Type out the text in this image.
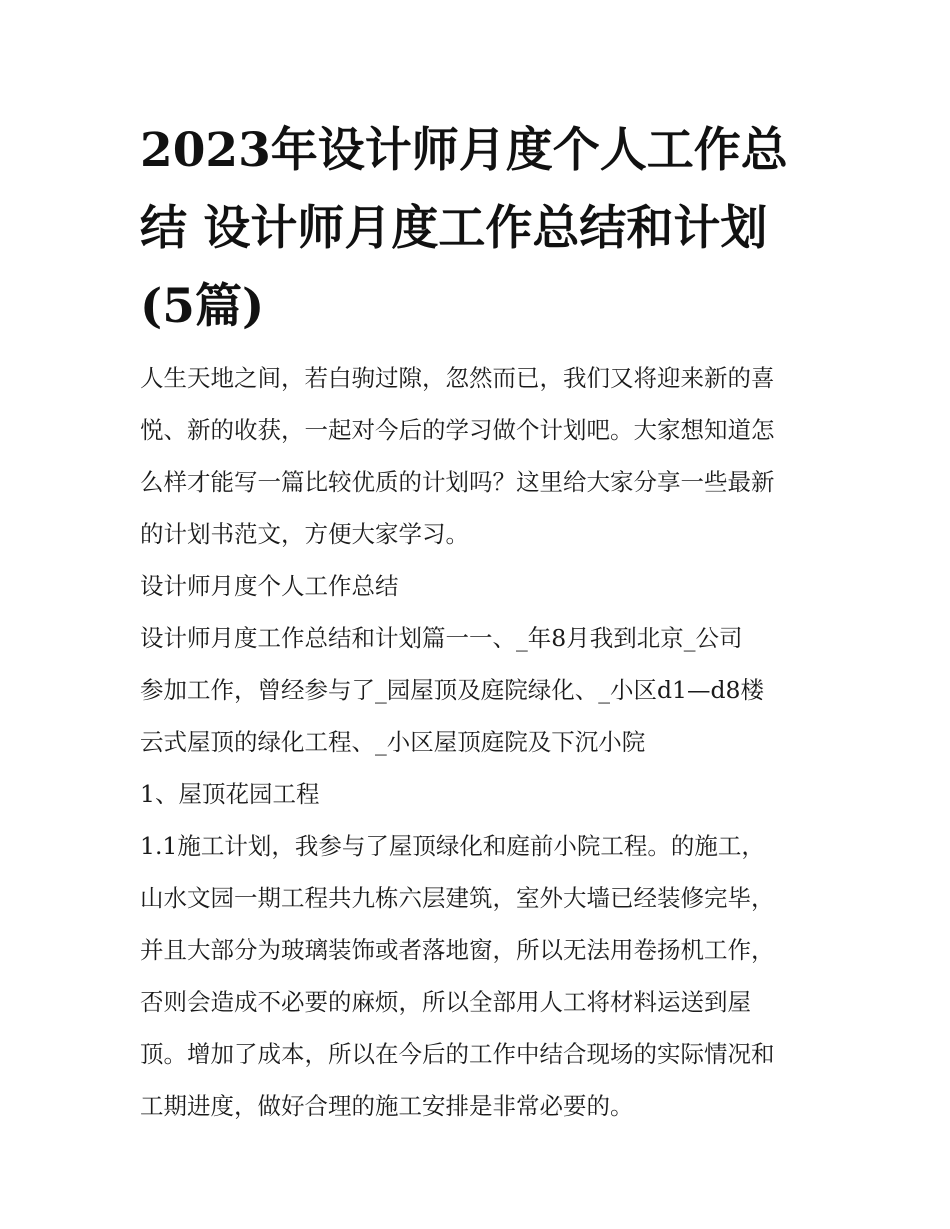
2023年设计师月度个人工作总
结 设计师月度工作总结和计划
(5篇)

人生天地之间，若白驹过隙，忽然而已，我们又将迎来新的喜
悦、新的收获，一起对今后的学习做个计划吧。大家想知道怎
么样才能写一篇比较优质的计划吗？这里给大家分享一些最新
的计划书范文，方便大家学习。

设计师月度个人工作总结

设计师月度工作总结和计划篇一一、_年8月我到北京_公司
参加工作，曾经参与了_园屋顶及庭院绿化、_小区d1—d8楼
云式屋顶的绿化工程、_小区屋顶庭院及下沉小院

1、屋顶花园工程

1.1施工计划，我参与了屋顶绿化和庭前小院工程。的施工，
山水文园一期工程共九栋六层建筑，室外大墙已经装修完毕，
并且大部分为玻璃装饰或者落地窗，所以无法用卷扬机工作，
否则会造成不必要的麻烦，所以全部用人工将材料运送到屋
顶。增加了成本，所以在今后的工作中结合现场的实际情况和
工期进度，做好合理的施工安排是非常必要的。
